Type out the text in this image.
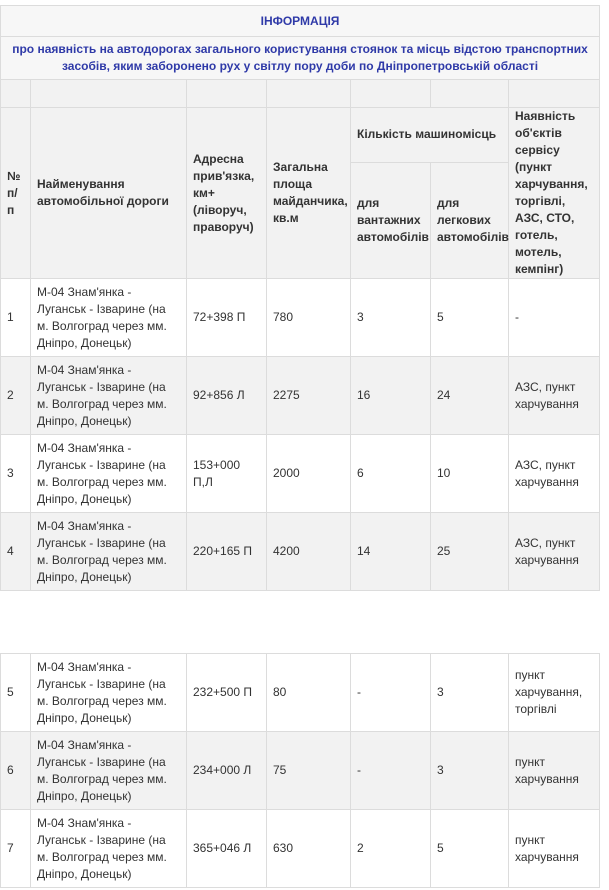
ІНФОРМАЦІЯ						
про наявність на автодорогах загального користування стоянок та місць відстою транспортних засобів, яким заборонено рух у світлу пору доби по Дніпропетровській області						

№ п/п	Найменування автомобільної дороги	Адресна прив'язка, км+ (ліворуч, праворуч)	Загальна площа майданчика, кв.м	Кількість машиномісць		Наявність об'єктів сервісу (пункт харчування, торгівлі, АЗС, СТО, готель, мотель, кемпінг)
				для вантажних автомобілів	для легкових автомобілів	
1	М-04 Знам'янка - Луганськ - Ізварине (на м. Волгоград через мм. Дніпро, Донецьк)	72+398 П	780	3	5	-
2	М-04 Знам'янка - Луганськ - Ізварине (на м. Волгоград через мм. Дніпро, Донецьк)	92+856 Л	2275	16	24	АЗС, пункт харчування
3	М-04 Знам'янка - Луганськ - Ізварине (на м. Волгоград через мм. Дніпро, Донецьк)	153+000 П,Л	2000	6	10	АЗС, пункт харчування
4	М-04 Знам'янка - Луганськ - Ізварине (на м. Волгоград через мм. Дніпро, Донецьк)	220+165 П	4200	14	25	АЗС, пункт харчування
5	М-04 Знам'янка - Луганськ - Ізварине (на м. Волгоград через мм. Дніпро, Донецьк)	232+500 П	80	-	3	пункт харчування, торгівлі
6	М-04 Знам'янка - Луганськ - Ізварине (на м. Волгоград через мм. Дніпро, Донецьк)	234+000 Л	75	-	3	пункт харчування
7	М-04 Знам'янка - Луганськ - Ізварине (на м. Волгоград через мм. Дніпро, Донецьк)	365+046 Л	630	2	5	пункт харчування
